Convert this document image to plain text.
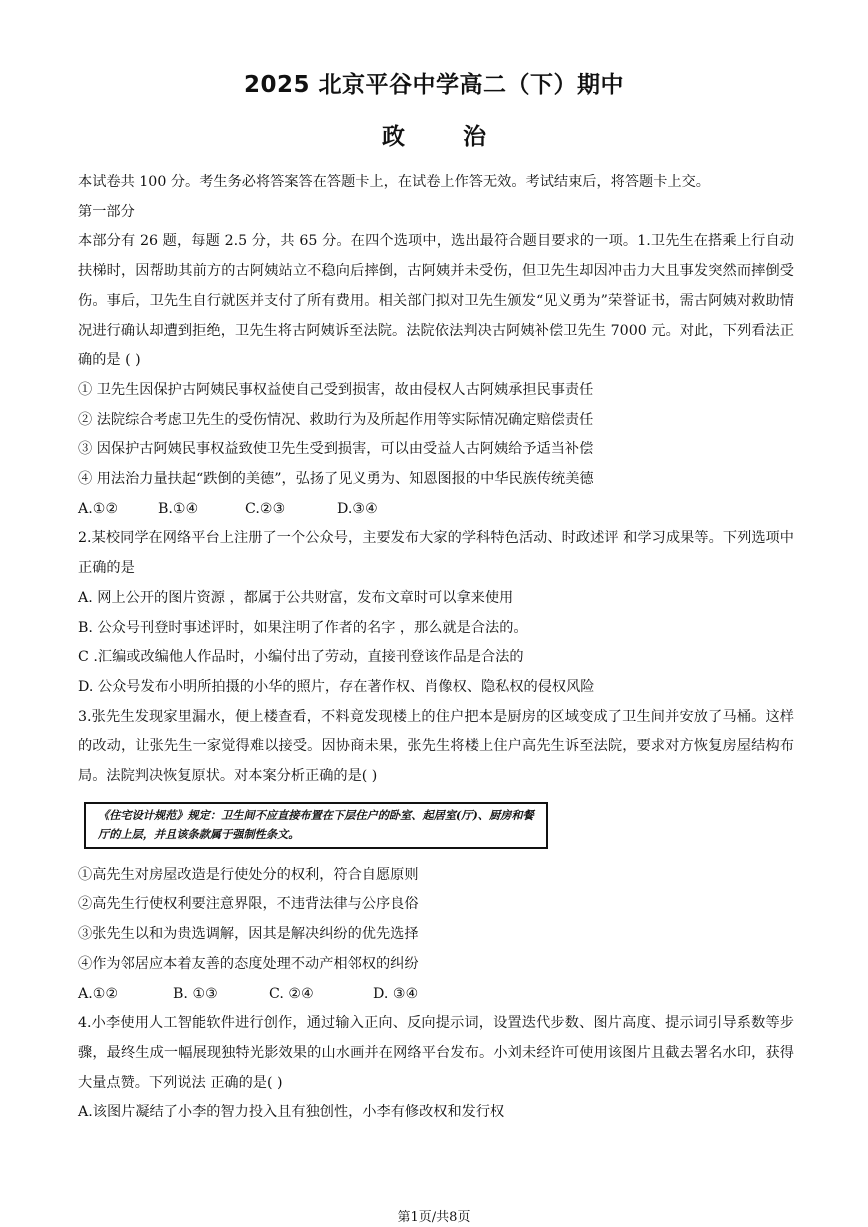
2025 北京平谷中学高二（下）期中
政治

本试卷共 100 分。考生务必将答案答在答题卡上，在试卷上作答无效。考试结束后，将答题卡上交。

第一部分

本部分有 26 题，每题 2.5 分，共 65 分。在四个选项中，选出最符合题目要求的一项。1.卫先生在搭乘上行自动扶梯时，因帮助其前方的古阿姨站立不稳向后摔倒，古阿姨并未受伤，但卫先生却因冲击力大且事发突然而摔倒受伤。事后，卫先生自行就医并支付了所有费用。相关部门拟对卫先生颁发“见义勇为”荣誉证书，需古阿姨对救助情况进行确认却遭到拒绝，卫先生将古阿姨诉至法院。法院依法判决古阿姨补偿卫先生 7000 元。对此，下列看法正确的是 ( )

① 卫先生因保护古阿姨民事权益使自己受到损害，故由侵权人古阿姨承担民事责任

② 法院综合考虑卫先生的受伤情况、救助行为及所起作用等实际情况确定赔偿责任

③ 因保护古阿姨民事权益致使卫先生受到损害，可以由受益人古阿姨给予适当补偿

④ 用法治力量扶起“跌倒的美德”，弘扬了见义勇为、知恩图报的中华民族传统美德

A.①②	B.①④	C.②③	D.③④

2.某校同学在网络平台上注册了一个公众号，主要发布大家的学科特色活动、时政述评 和学习成果等。下列选项中正确的是

A. 网上公开的图片资源 ，都属于公共财富，发布文章时可以拿来使用

B. 公众号刊登时事述评时，如果注明了作者的名字 ，那么就是合法的。

C .汇编或改编他人作品时，小编付出了劳动，直接刊登该作品是合法的

D. 公众号发布小明所拍摄的小华的照片，存在著作权、肖像权、隐私权的侵权风险

3.张先生发现家里漏水，便上楼查看，不料竟发现楼上的住户把本是厨房的区域变成了卫生间并安放了马桶。这样的改动，让张先生一家觉得难以接受。因协商未果，张先生将楼上住户高先生诉至法院，要求对方恢复房屋结构布局。法院判决恢复原状。对本案分析正确的是( )

《住宅设计规范》规定：卫生间不应直接布置在下层住户的卧室、起居室(厅)、厨房和餐厅的上层，并且该条款属于强制性条文。

①高先生对房屋改造是行使处分的权利，符合自愿原则

②高先生行使权利要注意界限，不违背法律与公序良俗

③张先生以和为贵选调解，因其是解决纠纷的优先选择

④作为邻居应本着友善的态度处理不动产相邻权的纠纷

A.①②	B. ①③	C. ②④	D. ③④

4.小李使用人工智能软件进行创作，通过输入正向、反向提示词，设置迭代步数、图片高度、提示词引导系数等步骤，最终生成一幅展现独特光影效果的山水画并在网络平台发布。小刘未经许可使用该图片且截去署名水印，获得大量点赞。下列说法 正确的是( )

A.该图片凝结了小李的智力投入且有独创性，小李有修改权和发行权

第1页/共8页
